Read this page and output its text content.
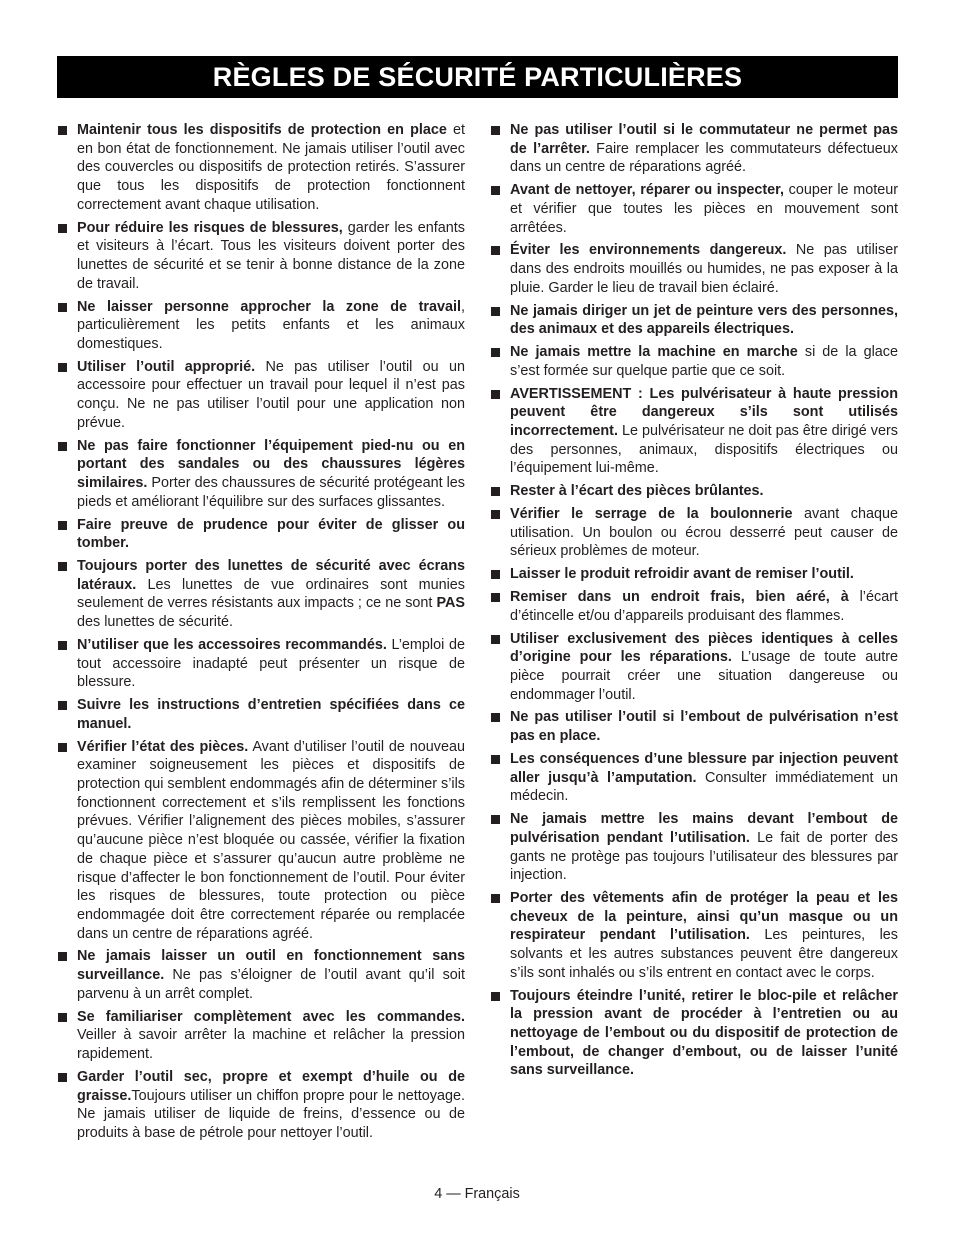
RÈGLES DE SÉCURITÉ PARTICULIÈRES
Maintenir tous les dispositifs de protection en place et en bon état de fonctionnement. Ne jamais utiliser l’outil avec des couvercles ou dispositifs de protection retirés. S’assurer que tous les dispositifs de protection fonctionnent correctement avant chaque utilisation.
Pour réduire les risques de blessures, garder les enfants et visiteurs à l’écart. Tous les visiteurs doivent porter des lunettes de sécurité et se tenir à bonne distance de la zone de travail.
Ne laisser personne approcher la zone de travail, particulièrement les petits enfants et les animaux domestiques.
Utiliser l’outil approprié. Ne pas utiliser l’outil ou un accessoire pour effectuer un travail pour lequel il n’est pas conçu. Ne ne pas utiliser l’outil pour une application non prévue.
Ne pas faire fonctionner l’équipement pied-nu ou en portant des sandales ou des chaussures légères similaires. Porter des chaussures de sécurité protégeant les pieds et améliorant l’équilibre sur des surfaces glissantes.
Faire preuve de prudence pour éviter de glisser ou tomber.
Toujours porter des lunettes de sécurité avec écrans latéraux. Les lunettes de vue ordinaires sont munies seulement de verres résistants aux impacts ; ce ne sont PAS des lunettes de sécurité.
N’utiliser que les accessoires recommandés. L’emploi de tout accessoire inadapté peut présenter un risque de blessure.
Suivre les instructions d’entretien spécifiées dans ce manuel.
Vérifier l’état des pièces. Avant d’utiliser l’outil de nouveau examiner soigneusement les pièces et dispositifs de protection qui semblent endommagés afin de déterminer s’ils fonctionnent correctement et s’ils remplissent les fonctions prévues. Vérifier l’alignement des pièces mobiles, s’assurer qu’aucune pièce n’est bloquée ou cassée, vérifier la fixation de chaque pièce et s’assurer qu’aucun autre problème ne risque d’affecter le bon fonctionnement de l’outil. Pour éviter les risques de blessures, toute protection ou pièce endommagée doit être correctement réparée ou remplacée dans un centre de réparations agréé.
Ne jamais laisser un outil en fonctionnement sans surveillance. Ne pas s’éloigner de l’outil avant qu’il soit parvenu à un arrêt complet.
Se familiariser complètement avec les commandes. Veiller à savoir arrêter la machine et relâcher la pression rapidement.
Garder l’outil sec, propre et exempt d’huile ou de graisse.Toujours utiliser un chiffon propre pour le nettoyage. Ne jamais utiliser de liquide de freins, d’essence ou de produits à base de pétrole pour nettoyer l’outil.
Ne pas utiliser l’outil si le commutateur ne permet pas de l’arrêter. Faire remplacer les commutateurs défectueux dans un centre de réparations agréé.
Avant de nettoyer, réparer ou inspecter, couper le moteur et vérifier que toutes les pièces en mouvement sont arrêtées.
Éviter les environnements dangereux. Ne pas utiliser dans des endroits mouillés ou humides, ne pas exposer à la pluie. Garder le lieu de travail bien éclairé.
Ne jamais diriger un jet de peinture vers des personnes, des animaux et des appareils électriques.
Ne jamais mettre la machine en marche si de la glace s’est formée sur quelque partie que ce soit.
AVERTISSEMENT : Les pulvérisateur à haute pression peuvent être dangereux s’ils sont utilisés incorrectement. Le pulvérisateur ne doit pas être dirigé vers des personnes, animaux, dispositifs électriques ou l’équipement lui-même.
Rester à l’écart des pièces brûlantes.
Vérifier le serrage de la boulonnerie avant chaque utilisation. Un boulon ou écrou desserré peut causer de sérieux problèmes de moteur.
Laisser le produit refroidir avant de remiser l’outil.
Remiser dans un endroit frais, bien aéré, à l’écart d’étincelle et/ou d’appareils produisant des flammes.
Utiliser exclusivement des pièces identiques à celles d’origine pour les réparations. L’usage de toute autre pièce pourrait créer une situation dangereuse ou endommager l’outil.
Ne pas utiliser l’outil si l’embout de pulvérisation n’est pas en place.
Les conséquences d’une blessure par injection peuvent aller jusqu’à l’amputation. Consulter immédiatement un médecin.
Ne jamais mettre les mains devant l’embout de pulvérisation pendant l’utilisation. Le fait de porter des gants ne protège pas toujours l’utilisateur des blessures par injection.
Porter des vêtements afin de protéger la peau et les cheveux de la peinture, ainsi qu’un masque ou un respirateur pendant l’utilisation. Les peintures, les solvants et les autres substances peuvent être dangereux s’ils sont inhalés ou s’ils entrent en contact avec le corps.
Toujours éteindre l’unité, retirer le bloc-pile et relâcher la pression avant de procéder à l’entretien ou au nettoyage de l’embout ou du dispositif de protection de l’embout, de changer d’embout, ou de laisser l’unité sans surveillance.
4 — Français
